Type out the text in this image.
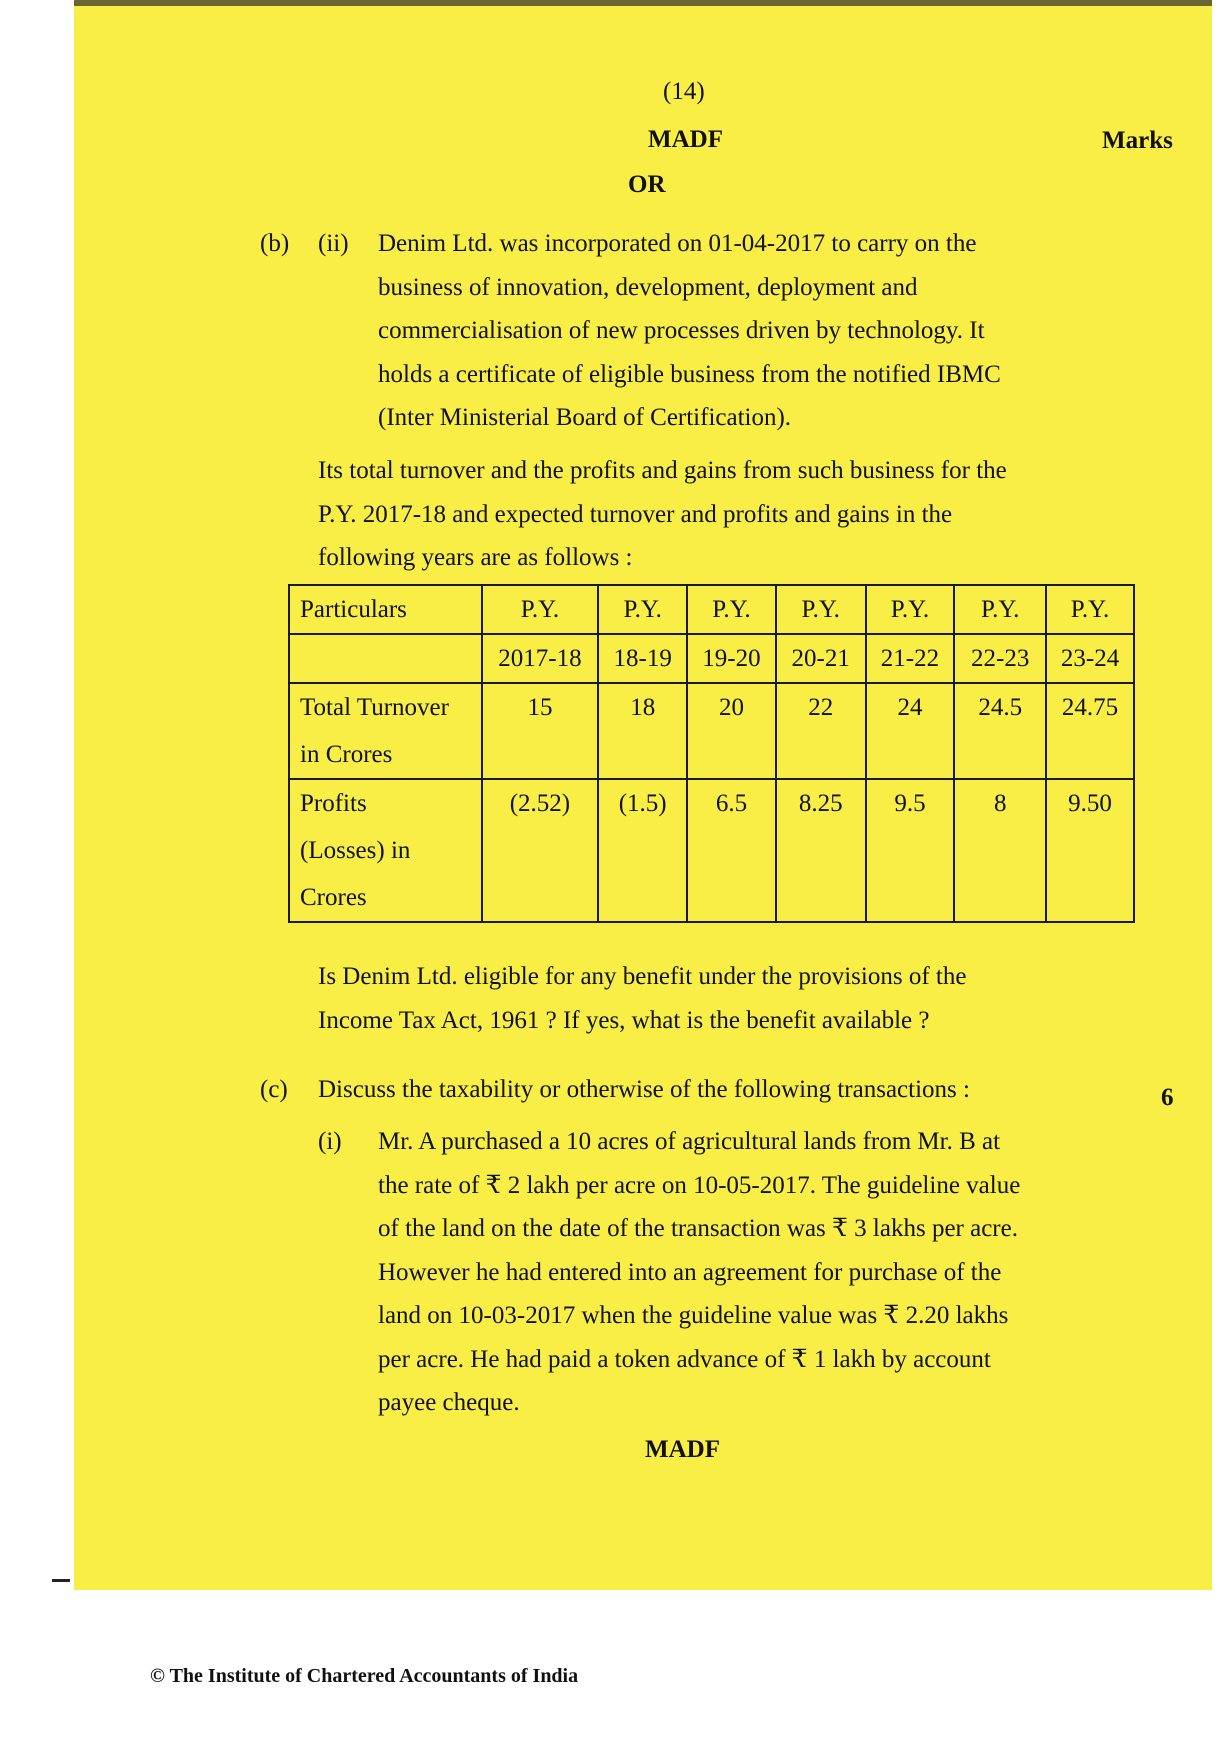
(14)
MADF	Marks
OR
(b) (ii) Denim Ltd. was incorporated on 01-04-2017 to carry on the
business of innovation, development, deployment and
commercialisation of new processes driven by technology. It
holds a certificate of eligible business from the notified IBMC
(Inter Ministerial Board of Certification).
Its total turnover and the profits and gains from such business for the
P.Y. 2017-18 and expected turnover and profits and gains in the
following years are as follows :
Particulars	P.Y.	P.Y.	P.Y.	P.Y.	P.Y.	P.Y.	P.Y.

	2017-18	18-19	19-20	20-21	21-22	22-23	23-24

Total Turnover
in Crores	15	18	20	22	24	24.5	24.75

Profits
(Losses) in
Crores	(2.52)	(1.5)	6.5	8.25	9.5	8	9.50
Is Denim Ltd. eligible for any benefit under the provisions of the
Income Tax Act, 1961 ? If yes, what is the benefit available ?
(c) Discuss the taxability or otherwise of the following transactions :	6
(i) Mr. A purchased a 10 acres of agricultural lands from Mr. B at
the rate of ₹ 2 lakh per acre on 10-05-2017. The guideline value
of the land on the date of the transaction was ₹ 3 lakhs per acre.
However he had entered into an agreement for purchase of the
land on 10-03-2017 when the guideline value was ₹ 2.20 lakhs
per acre. He had paid a token advance of ₹ 1 lakh by account
payee cheque.
MADF
© The Institute of Chartered Accountants of India
